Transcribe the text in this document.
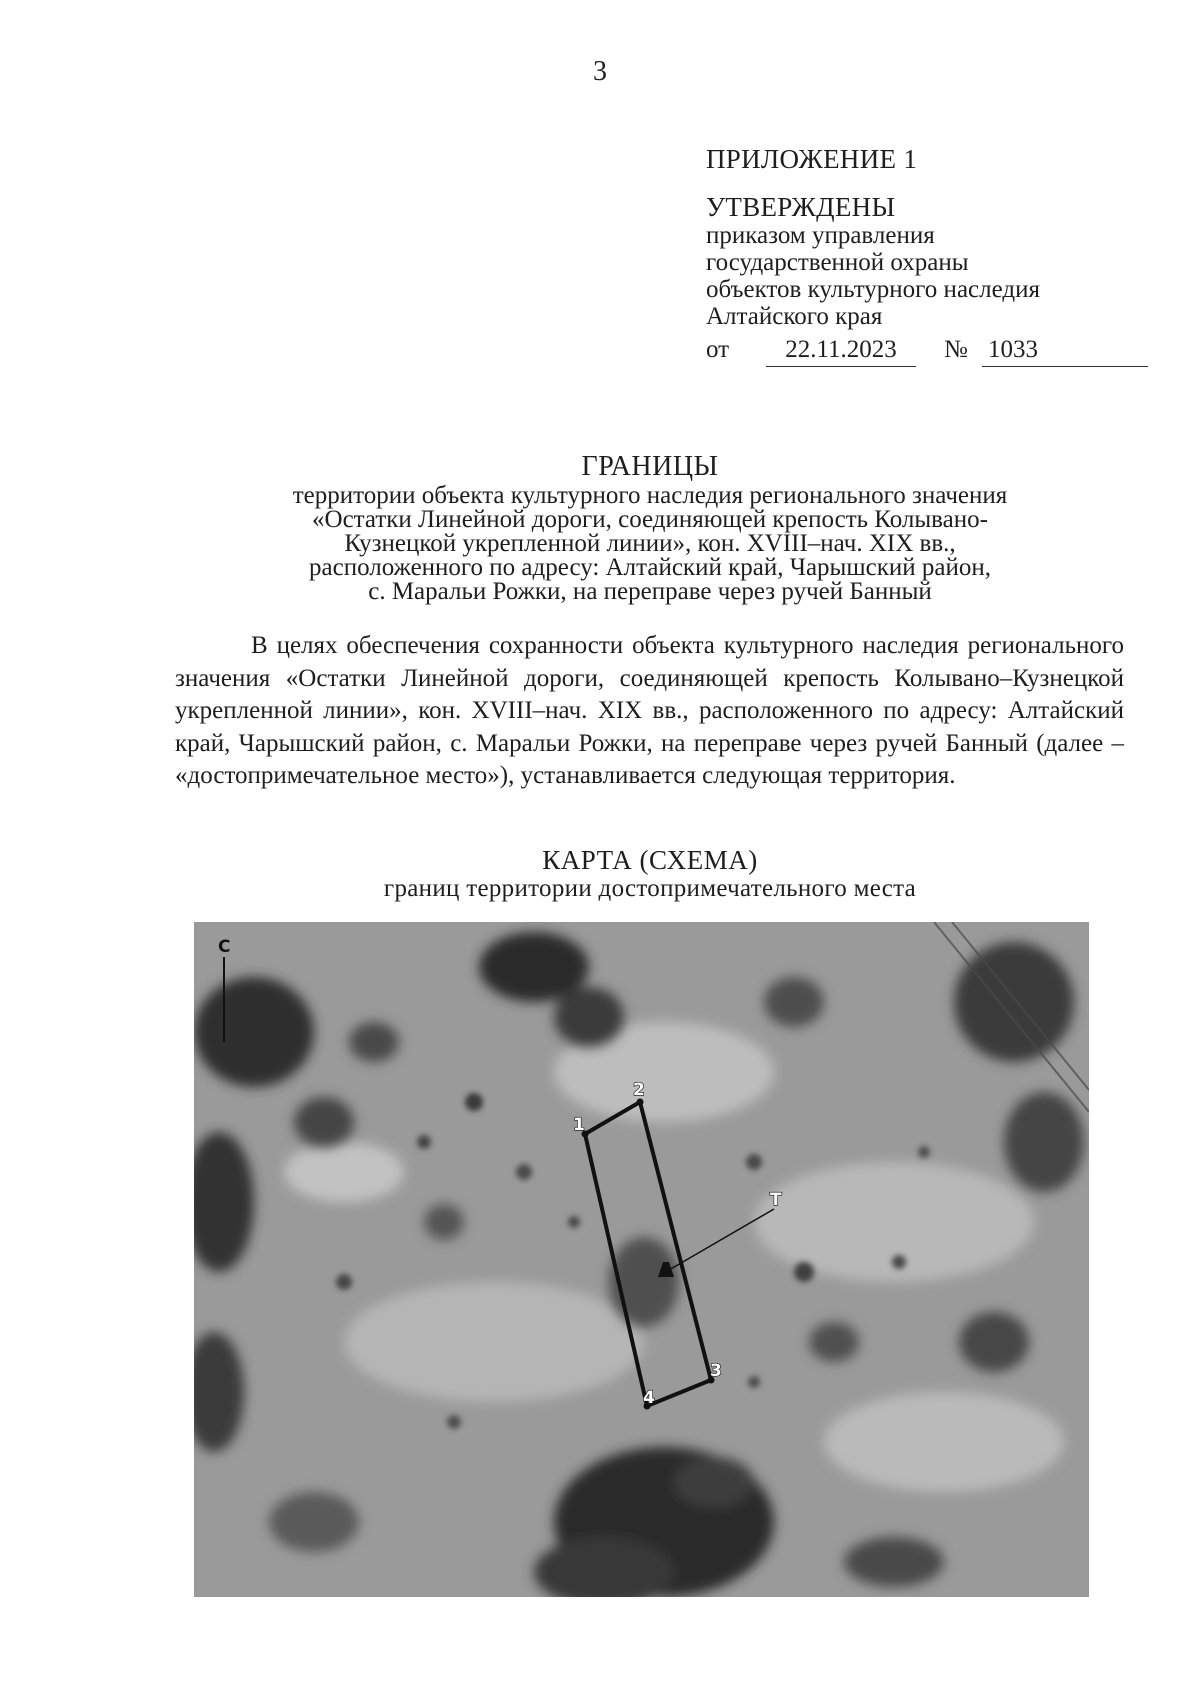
3
ПРИЛОЖЕНИЕ 1
УТВЕРЖДЕНЫ
приказом управления
государственной охраны
объектов культурного наследия
Алтайского края
от	22.11.2023	№ 1033
ГРАНИЦЫ
территории объекта культурного наследия регионального значения
«Остатки Линейной дороги, соединяющей крепость Колывано-
Кузнецкой укрепленной линии», кон. XVIII–нач. XIX вв.,
расположенного по адресу: Алтайский край, Чарышский район,
с. Маральи Рожки, на переправе через ручей Банный

В целях обеспечения сохранности объекта культурного наследия регионального значения «Остатки Линейной дороги, соединяющей крепость Колывано–Кузнецкой укрепленной линии», кон. XVIII–нач. XIX вв., расположенного по адресу: Алтайский край, Чарышский район, с. Маральи Рожки, на переправе через ручей Банный (далее – «достопримечательное место»), устанавливается следующая территория.

КАРТА (СХЕМА)
границ территории достопримечательного места
С
1
2
3
4
T
